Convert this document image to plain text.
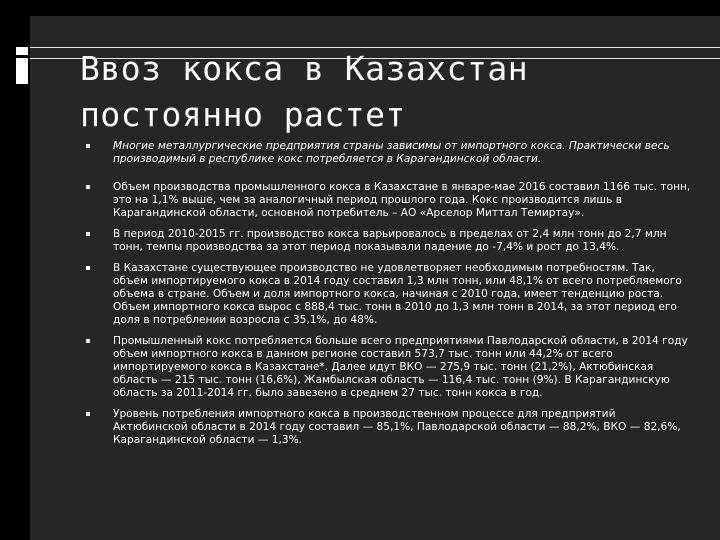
Ввоз кокса в Казахстан
постоянно растет
Многие металлургические предприятия страны зависимы от импортного кокса. Практически весь производимый в республике кокс потребляется в Карагандинской области.
Объем производства промышленного кокса в Казахстане в январе-мае 2016 составил 1166 тыс. тонн, это на 1,1% выше, чем за аналогичный период прошлого года. Кокс производится лишь в Карагандинской области, основной потребитель – АО «Арселор Миттал Темиртау».
В период 2010-2015 гг. производство кокса варьировалось в пределах от 2,4 млн тонн до 2,7 млн тонн, темпы производства за этот период показывали падение до -7,4% и рост до 13,4%.
В Казахстане существующее производство не удовлетворяет необходимым потребностям. Так, объем импортируемого кокса в 2014 году составил 1,3 млн тонн, или 48,1% от всего потребляемого объема в стране. Объем и доля импортного кокса, начиная с 2010 года, имеет тенденцию роста. Объем импортного кокса вырос с 888,4 тыс. тонн в 2010 до 1,3 млн тонн в 2014, за этот период его доля в потреблении возросла с 35,1%, до 48%.
Промышленный кокс потребляется больше всего предприятиями Павлодарской области, в 2014 году объем импортного кокса в данном регионе составил 573,7 тыс. тонн или 44,2% от всего импортируемого кокса в Казахстане*. Далее идут ВКО — 275,9 тыс. тонн (21,2%), Актюбинская область — 215 тыс. тонн (16,6%), Жамбылская область — 116,4 тыс. тонн (9%). В Карагандинскую область за 2011-2014 гг. было завезено в среднем 27 тыс. тонн кокса в год.
Уровень потребления импортного кокса в производственном процессе для предприятий Актюбинской области в 2014 году составил — 85,1%, Павлодарской области — 88,2%, ВКО — 82,6%, Карагандинской области — 1,3%.
